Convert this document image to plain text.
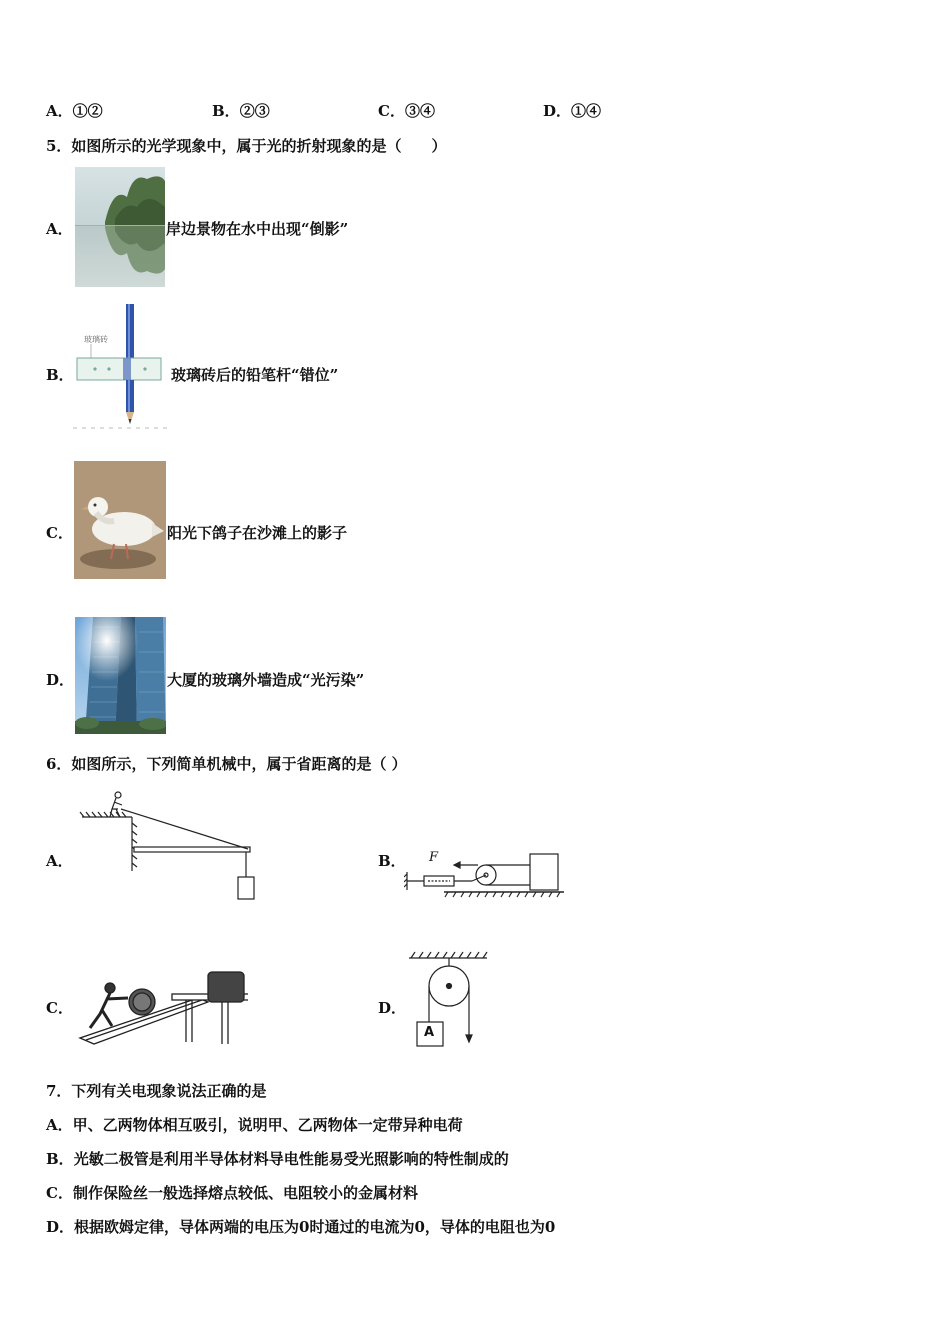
A．①②	B．②③	C．③④	D．①④
5．如图所示的光学现象中，属于光的折射现象的是（　　）
A．	岸边景物在水中出现“倒影”
B．
玻璃砖
玻璃砖后的铅笔杆“错位”
C．	阳光下鸽子在沙滩上的影子
D．	大厦的玻璃外墙造成“光污染”
6．如图所示，下列简单机械中，属于省距离的是（ ）
A．	B． F
C．	D．
A
7．下列有关电现象说法正确的是
A．甲、乙两物体相互吸引，说明甲、乙两物体一定带异种电荷
B．光敏二极管是利用半导体材料导电性能易受光照影响的特性制成的
C．制作保险丝一般选择熔点较低、电阻较小的金属材料
D．根据欧姆定律，导体两端的电压为0时通过的电流为0，导体的电阻也为0
